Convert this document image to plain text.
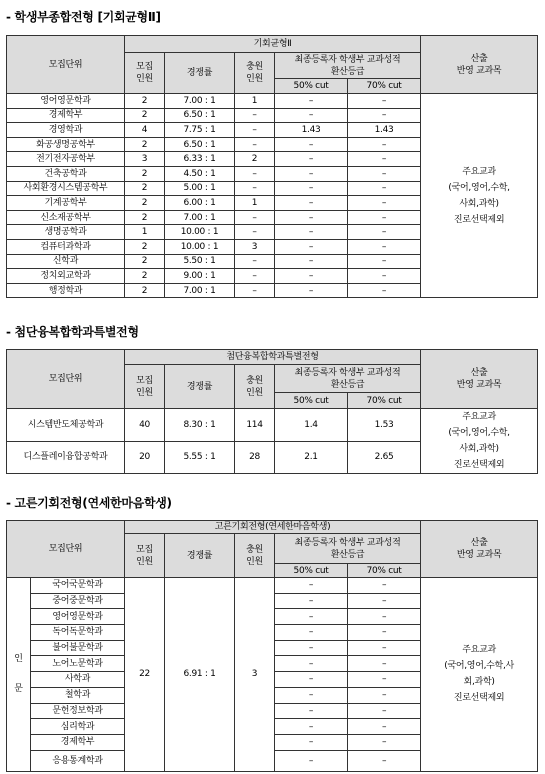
- 학생부종합전형 [기회균형Ⅱ]
모집단위	기회균형Ⅱ					산출
반영 교과목
	모집
인원	경쟁률	충원
인원	최종등록자 학생부 교과성적
환산등급		
				50% cut	70% cut	
영어영문학과	2	7.00 : 1	1	–	–	주요교과
(국어,영어,수학,
사회,과학)
진로선택제외
경제학부	2	6.50 : 1	–	–	–	
경영학과	4	7.75 : 1	–	1.43	1.43	
화공생명공학부	2	6.50 : 1	–	–	–	
전기전자공학부	3	6.33 : 1	2	–	–	
건축공학과	2	4.50 : 1	–	–	–	
사회환경시스템공학부	2	5.00 : 1	–	–	–	
기계공학부	2	6.00 : 1	1	–	–	
신소재공학부	2	7.00 : 1	–	–	–	
생명공학과	1	10.00 : 1	–	–	–	
컴퓨터과학과	2	10.00 : 1	3	–	–	
신학과	2	5.50 : 1	–	–	–	
정치외교학과	2	9.00 : 1	–	–	–	
행정학과	2	7.00 : 1	–	–	–	
- 첨단융복합학과특별전형
모집단위	첨단융복합학과특별전형					산출
반영 교과목
	모집
인원	경쟁률	충원
인원	최종등록자 학생부 교과성적
환산등급		
				50% cut	70% cut	
시스템반도체공학과	40	8.30 : 1	114	1.4	1.53	주요교과
(국어,영어,수학,
사회,과학)
진로선택제외
디스플레이융합공학과	20	5.55 : 1	28	2.1	2.65	
- 고른기회전형(연세한마음학생)
모집단위		고른기회전형(연세한마음학생)					산출
반영 교과목
		모집
인원	경쟁률	충원
인원	최종등록자 학생부 교과성적
환산등급		
					50% cut	70% cut	

인

문	국어국문학과	22	6.91 : 1	3	–	–	주요교과
(국어,영어,수학,사
회,과학)
진로선택제외
	중어중문학과				–	–	
	영어영문학과				–	–	
	독어독문학과				–	–	
	불어불문학과				–	–	
	노어노문학과				–	–	
	사학과				–	–	
	철학과				–	–	
	문헌정보학과				–	–	
	심리학과				–	–	
	경제학부				–	–	
	응용통계학과				–	–	
